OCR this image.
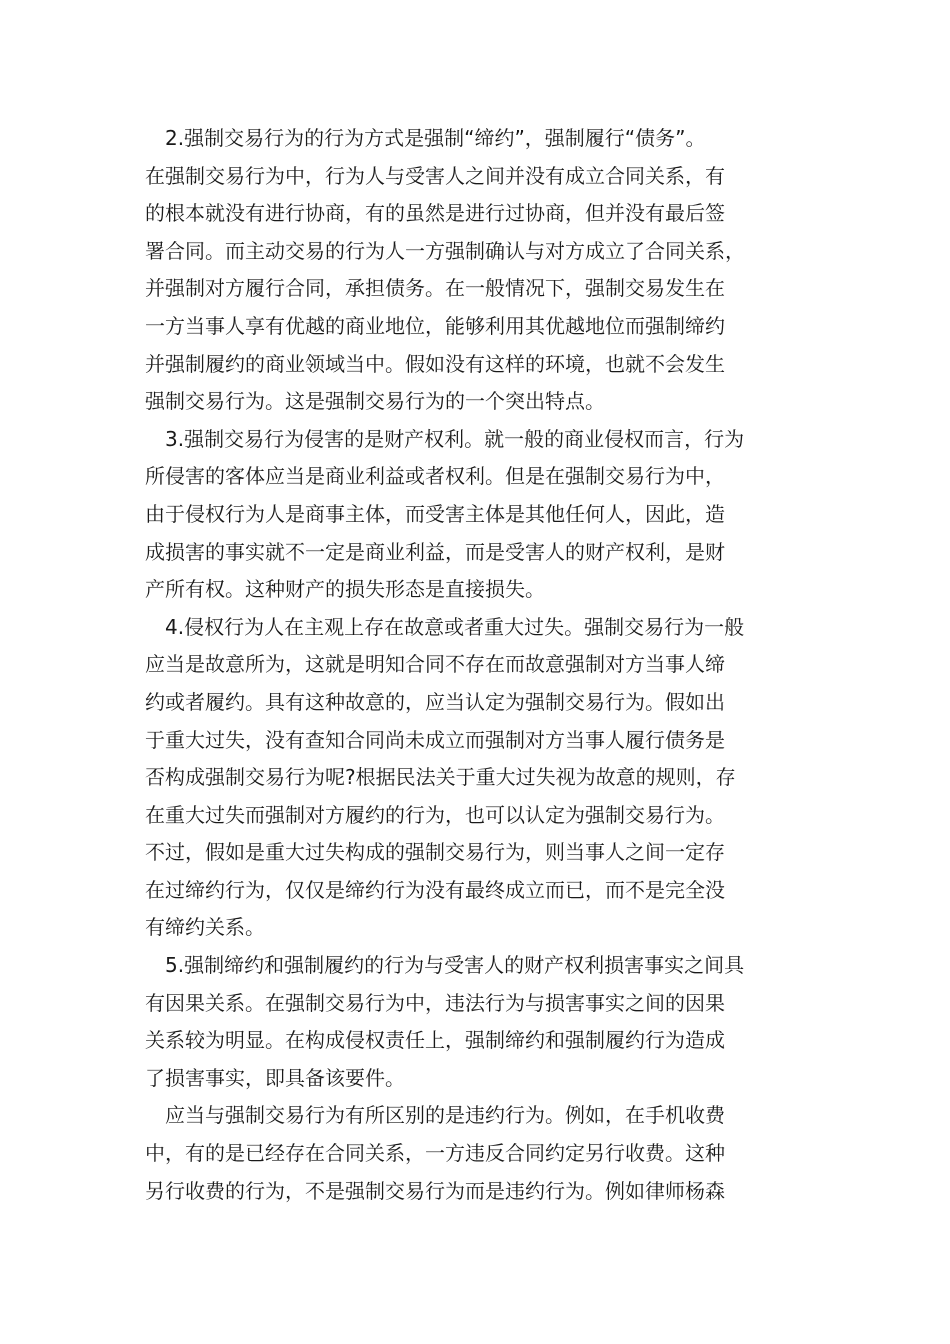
2.强制交易行为的行为方式是强制“缔约”，强制履行“债务”。
在强制交易行为中，行为人与受害人之间并没有成立合同关系，有
的根本就没有进行协商，有的虽然是进行过协商，但并没有最后签
署合同。而主动交易的行为人一方强制确认与对方成立了合同关系，
并强制对方履行合同，承担债务。在一般情况下，强制交易发生在
一方当事人享有优越的商业地位，能够利用其优越地位而强制缔约
并强制履约的商业领域当中。假如没有这样的环境，也就不会发生
强制交易行为。这是强制交易行为的一个突出特点。
3.强制交易行为侵害的是财产权利。就一般的商业侵权而言，行为
所侵害的客体应当是商业利益或者权利。但是在强制交易行为中，
由于侵权行为人是商事主体，而受害主体是其他任何人，因此，造
成损害的事实就不一定是商业利益，而是受害人的财产权利，是财
产所有权。这种财产的损失形态是直接损失。
4.侵权行为人在主观上存在故意或者重大过失。强制交易行为一般
应当是故意所为，这就是明知合同不存在而故意强制对方当事人缔
约或者履约。具有这种故意的，应当认定为强制交易行为。假如出
于重大过失，没有查知合同尚未成立而强制对方当事人履行债务是
否构成强制交易行为呢?根据民法关于重大过失视为故意的规则，存
在重大过失而强制对方履约的行为，也可以认定为强制交易行为。
不过，假如是重大过失构成的强制交易行为，则当事人之间一定存
在过缔约行为，仅仅是缔约行为没有最终成立而已，而不是完全没
有缔约关系。
5.强制缔约和强制履约的行为与受害人的财产权利损害事实之间具
有因果关系。在强制交易行为中，违法行为与损害事实之间的因果
关系较为明显。在构成侵权责任上，强制缔约和强制履约行为造成
了损害事实，即具备该要件。
应当与强制交易行为有所区别的是违约行为。例如，在手机收费
中，有的是已经存在合同关系，一方违反合同约定另行收费。这种
另行收费的行为，不是强制交易行为而是违约行为。例如律师杨森
